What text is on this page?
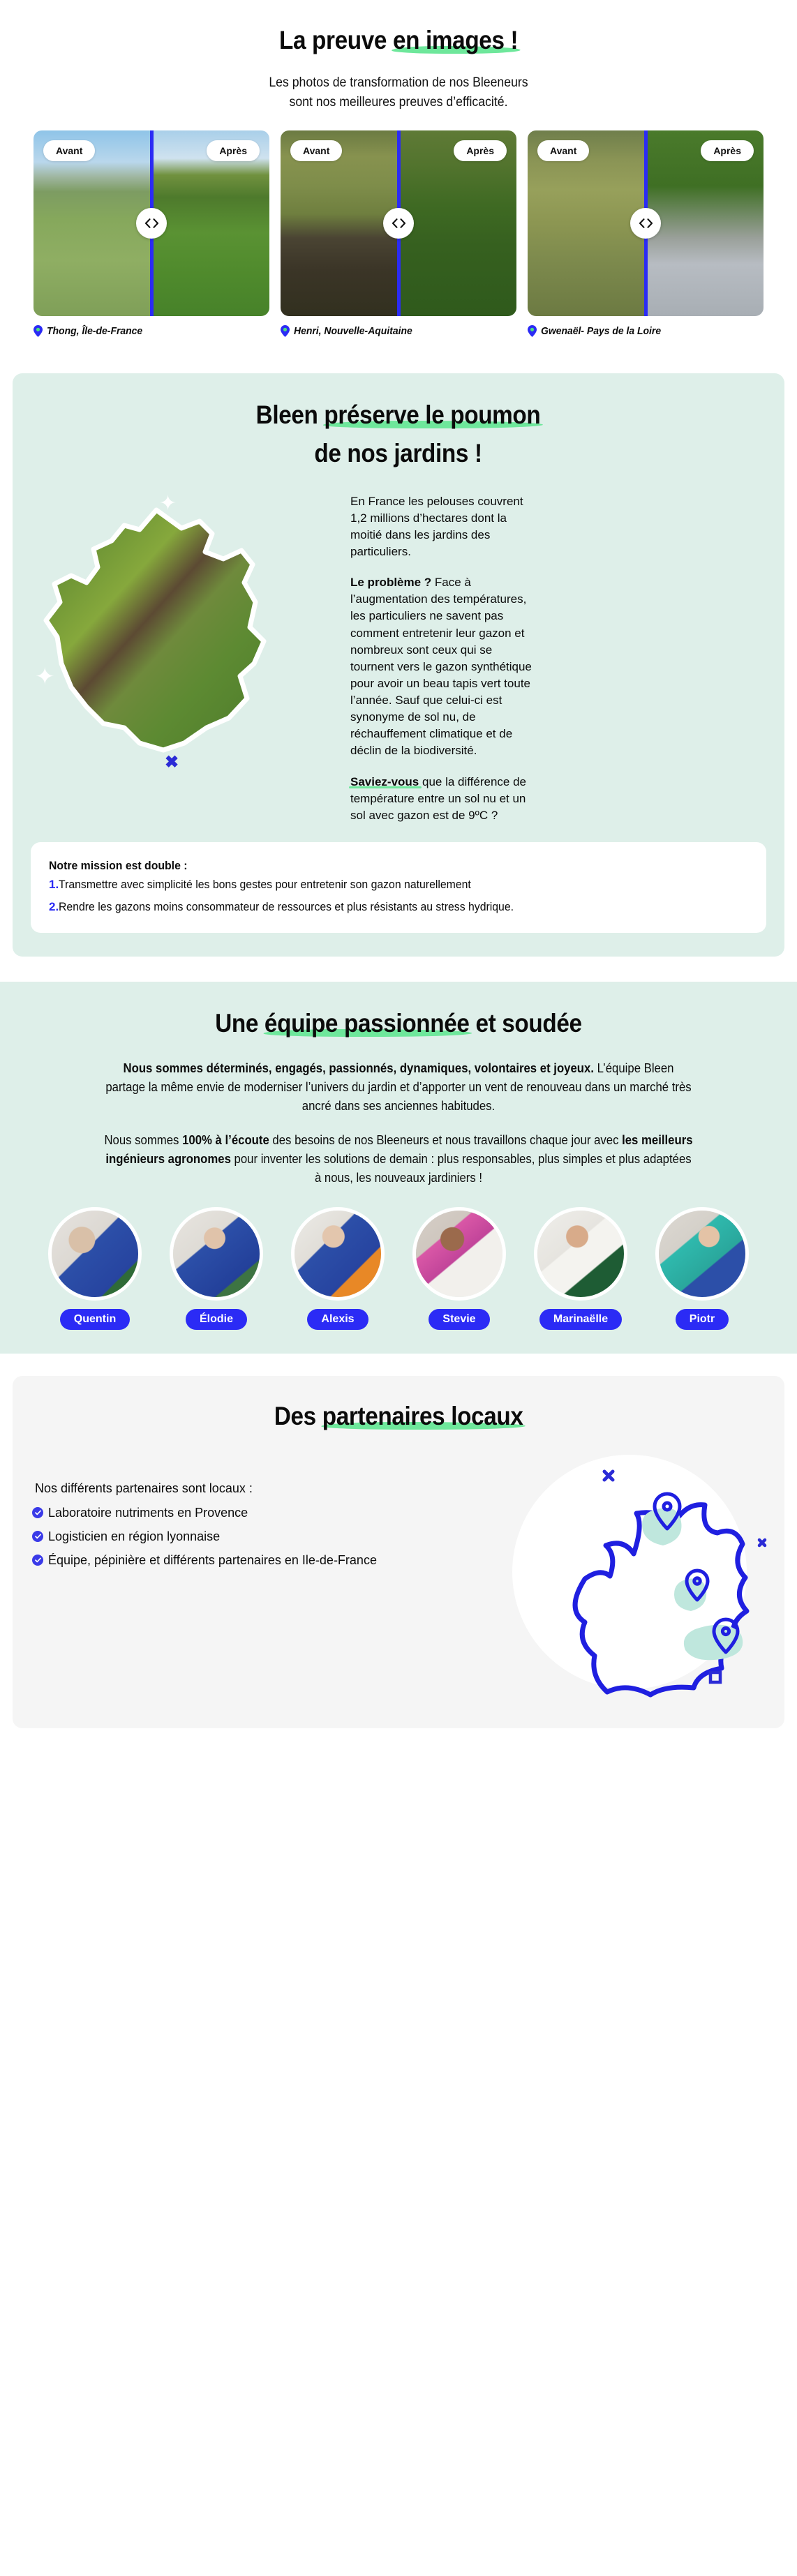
La preuve en images !
Les photos de transformation de nos Bleeneurs
sont nos meilleures preuves d’efficacité.
Avant	Après
Thong, Île-de-France
Avant	Après
Henri, Nouvelle-Aquitaine
Avant	Après
Gwenaël- Pays de la Loire
Bleen préserve le poumon
de nos jardins !
✦
✦
✖

En France les pelouses couvrent 1,2 millions d’hectares dont la moitié dans les jardins des particuliers.

Le problème ? Face à l’augmentation des températures, les particuliers ne savent pas comment entretenir leur gazon et nombreux sont ceux qui se tournent vers le gazon synthétique pour avoir un beau tapis vert toute l’année. Sauf que celui-ci est synonyme de sol nu, de réchauffement climatique et de déclin de la biodiversité.

Saviez-vous que la différence de température entre un sol nu et un sol avec gazon est de 9ºC ?

Notre mission est double :

1.Transmettre avec simplicité les bons gestes pour entretenir son gazon naturellement

2.Rendre les gazons moins consommateur de ressources et plus résistants au stress hydrique.

Une équipe passionnée et soudée

Nous sommes déterminés, engagés, passionnés, dynamiques, volontaires et joyeux. L’équipe Bleen partage la même envie de moderniser l’univers du jardin et d’apporter un vent de renouveau dans un marché très ancré dans ses anciennes habitudes.

Nous sommes 100% à l’écoute des besoins de nos Bleeneurs et nous travaillons chaque jour avec les meilleurs ingénieurs agronomes pour inventer les solutions de demain : plus responsables, plus simples et plus adaptées à nous, les nouveaux jardiniers !

Quentin	Élodie	Alexis	Stevie	Marinaëlle	Piotr
Des partenaires locaux
Nos différents partenaires sont locaux :
Laboratoire nutriments en Provence
Logisticien en région lyonnaise
Équipe, pépinière et différents partenaires en Ile-de-France
